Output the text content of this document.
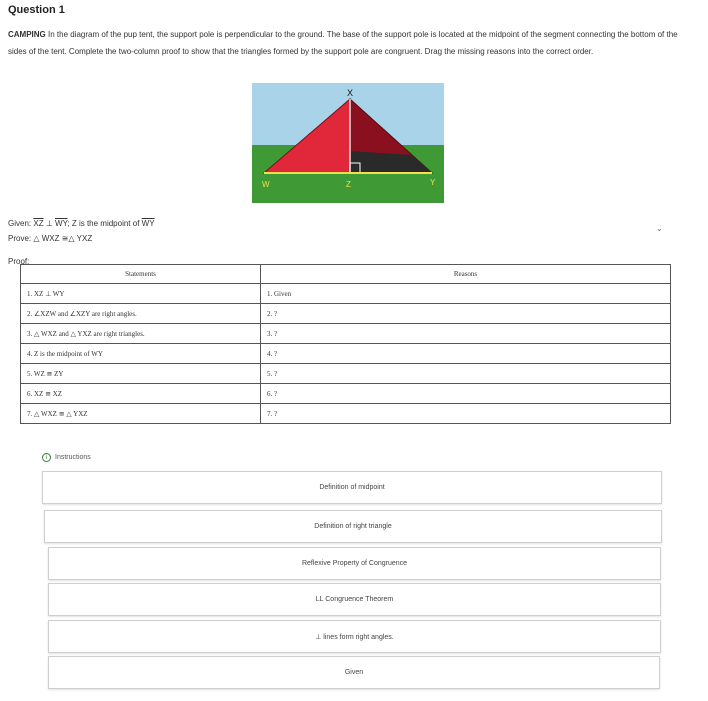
Question 1
CAMPING In the diagram of the pup tent, the support pole is perpendicular to the ground. The base of the support pole is located at the midpoint of the segment connecting the bottom of the sides of the tent. Complete the two-column proof to show that the triangles formed by the support pole are congruent. Drag the missing reasons into the correct order.
X
W	Z	Y
Given: $\overline{XZ}$ ⊥ $\overline{WY}$; Z is the midpoint of $\overline{WY}$
⌄
Prove: △ WXZ ≅△ YXZ
Proof:
Statements	Reasons
1. XZ ⊥ WY	1. Given
2. ∠XZW and ∠XZY are right angles.	2. ?
3. △ WXZ and △ YXZ are right triangles.	3. ?
4. Z is the midpoint of WY	4. ?
5. WZ ≅ ZY	5. ?
6. XZ ≅ XZ	6. ?
7. △ WXZ ≅ △ YXZ	7. ?
i	Instructions
Definition of midpoint
Definition of right triangle
Reflexive Property of Congruence
LL Congruence Theorem
⊥ lines form right angles.
Given
